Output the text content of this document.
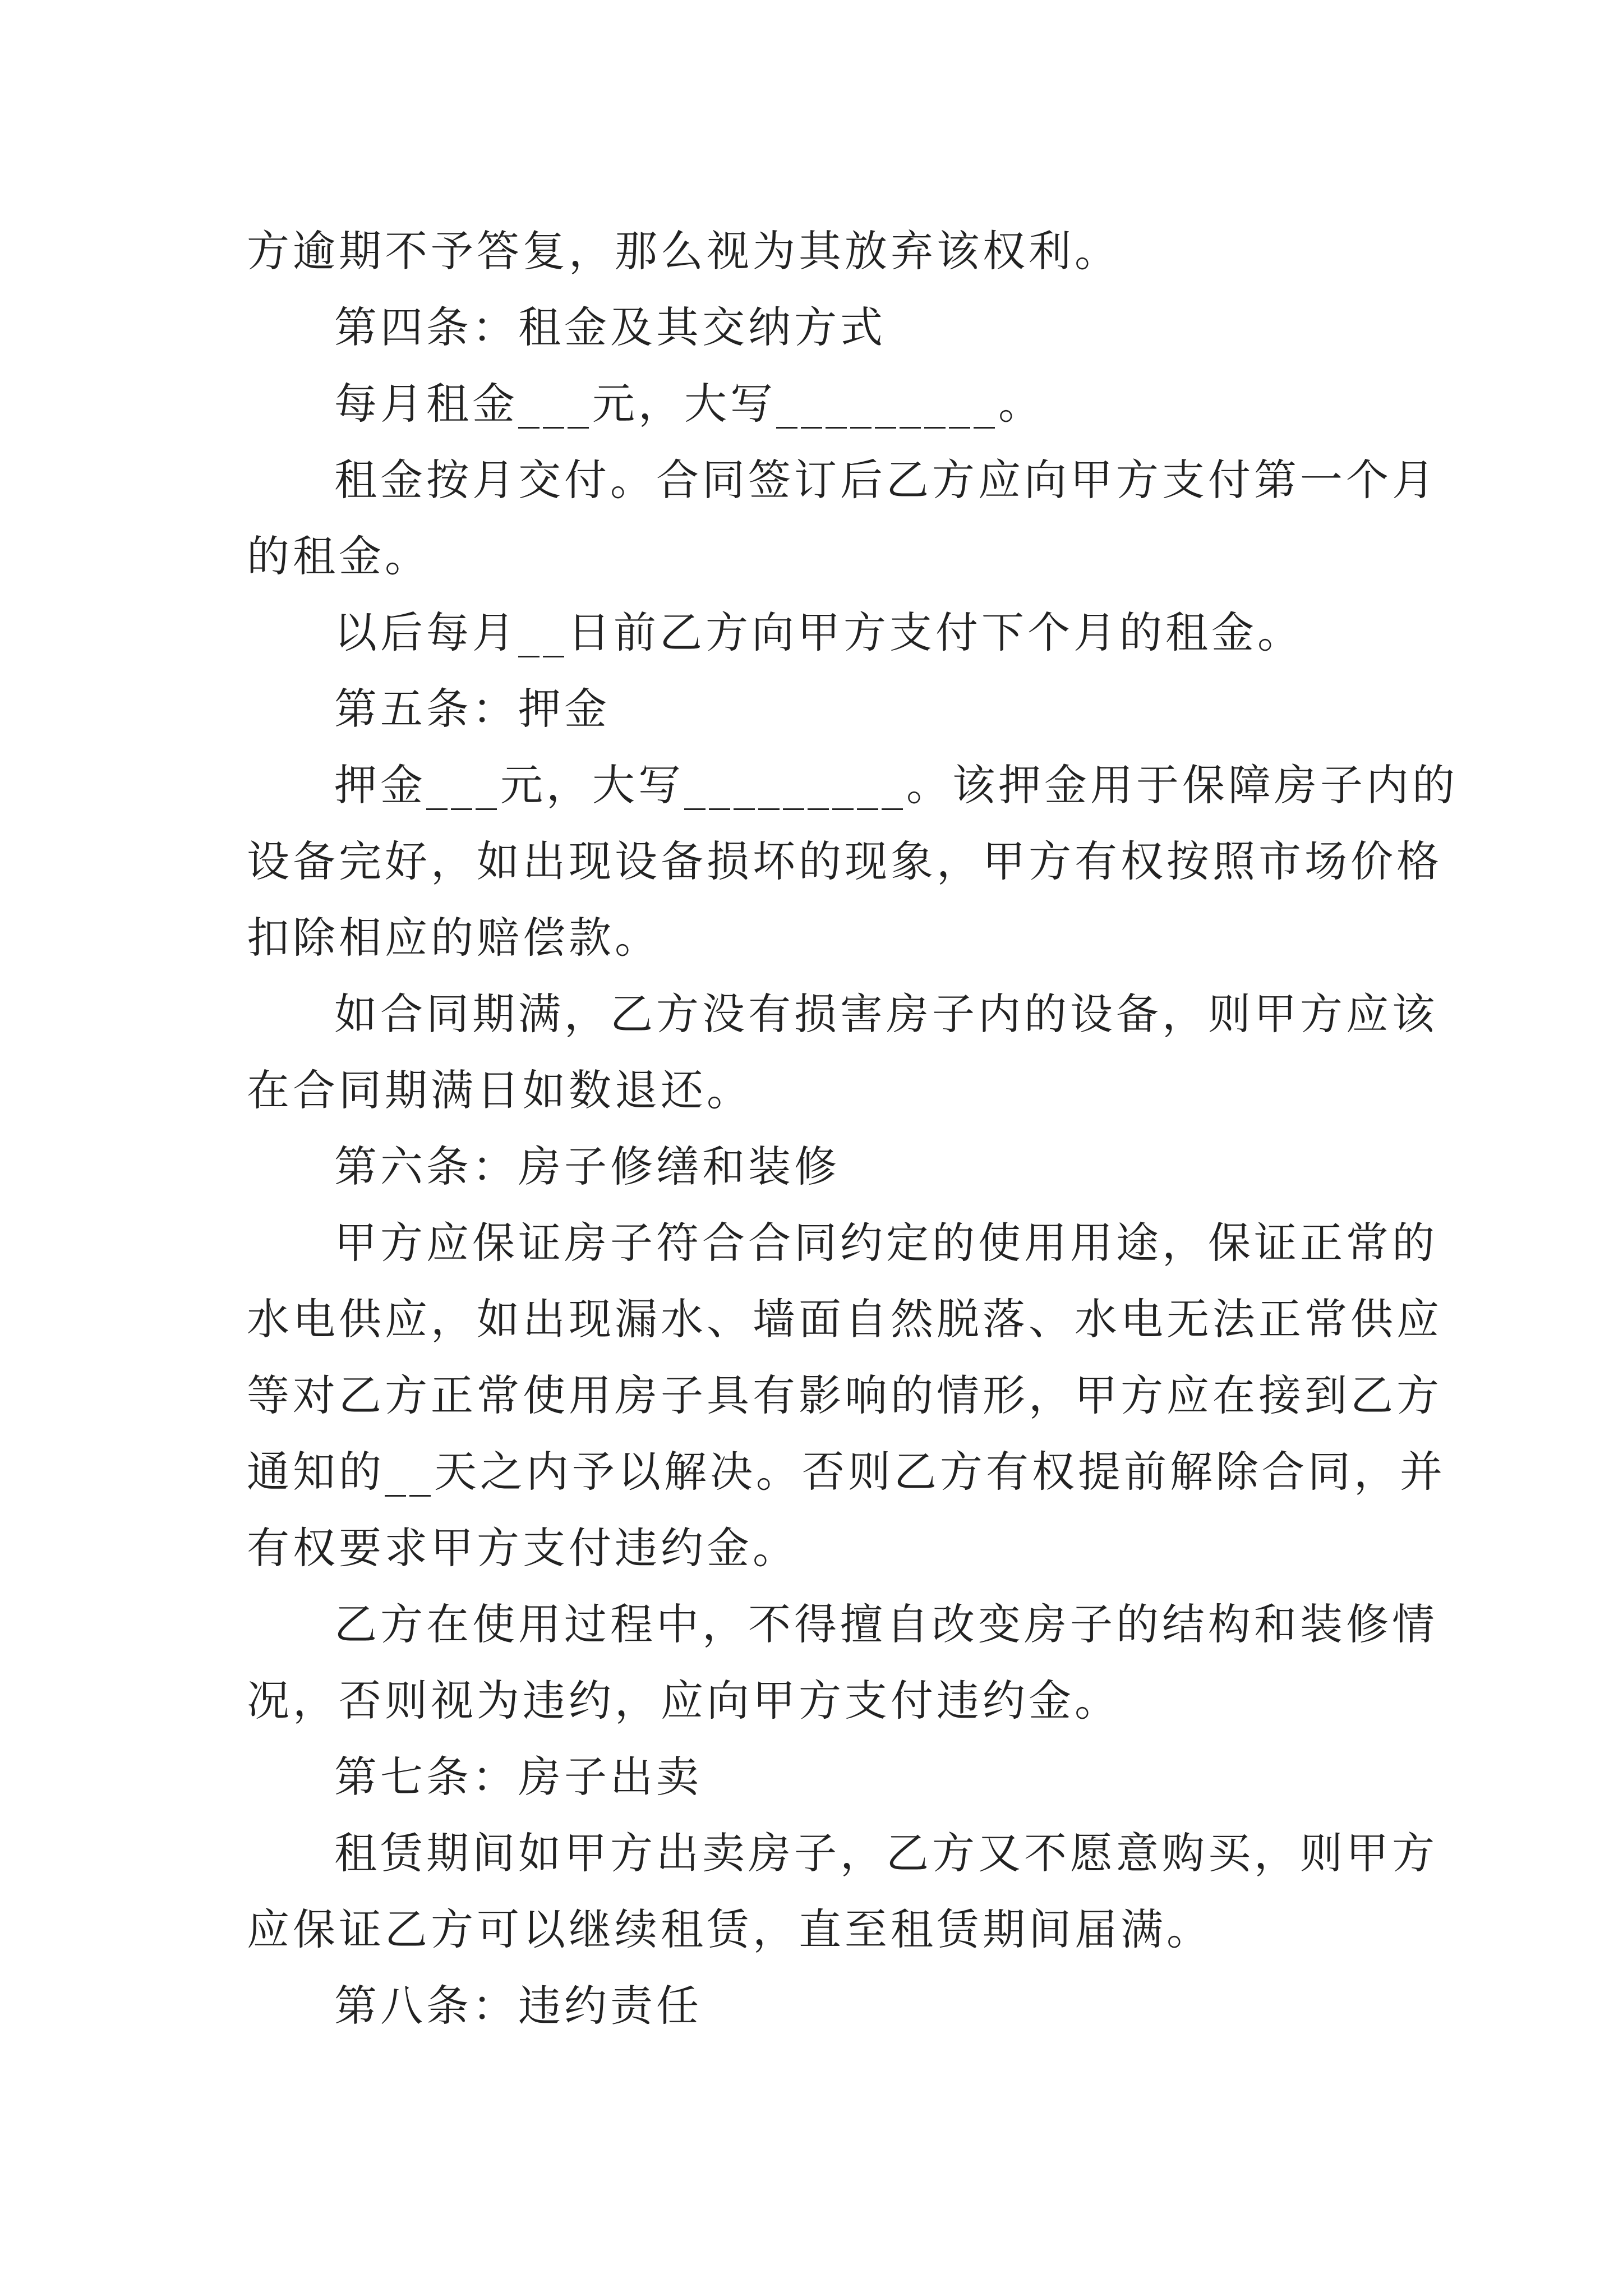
方逾期不予答复，那么视为其放弃该权利。
第四条：租金及其交纳方式
每月租金___元，大写_________。
租金按月交付。合同签订后乙方应向甲方支付第一个月
的租金。
以后每月__日前乙方向甲方支付下个月的租金。
第五条：押金
押金___元，大写_________。该押金用于保障房子内的
设备完好，如出现设备损坏的现象，甲方有权按照市场价格
扣除相应的赔偿款。
如合同期满，乙方没有损害房子内的设备，则甲方应该
在合同期满日如数退还。
第六条：房子修缮和装修
甲方应保证房子符合合同约定的使用用途，保证正常的
水电供应，如出现漏水、墙面自然脱落、水电无法正常供应
等对乙方正常使用房子具有影响的情形，甲方应在接到乙方
通知的__天之内予以解决。否则乙方有权提前解除合同，并
有权要求甲方支付违约金。
乙方在使用过程中，不得擅自改变房子的结构和装修情
况，否则视为违约，应向甲方支付违约金。
第七条：房子出卖
租赁期间如甲方出卖房子，乙方又不愿意购买，则甲方
应保证乙方可以继续租赁，直至租赁期间届满。
第八条：违约责任
